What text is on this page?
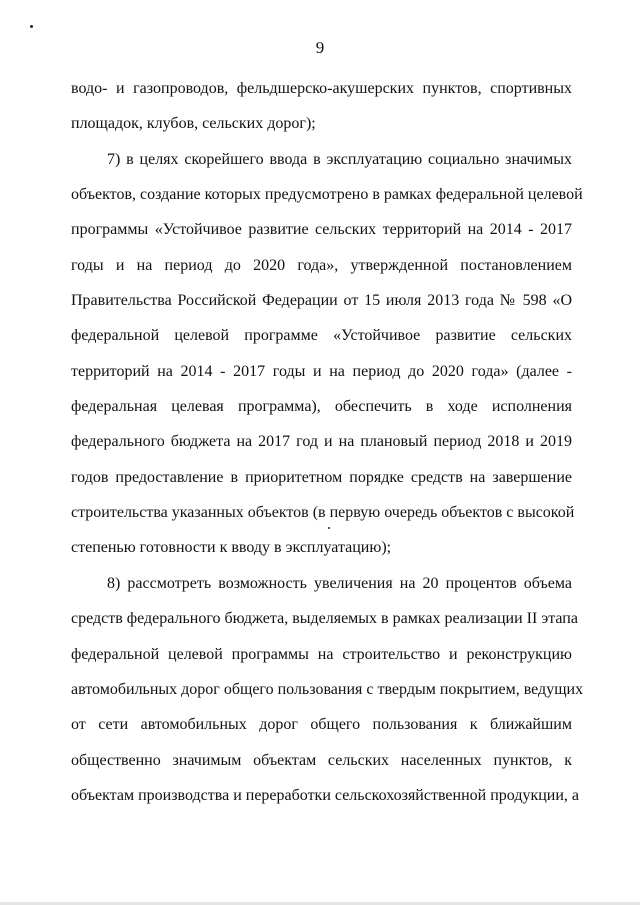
9
водо- и газопроводов, фельдшерско-акушерских пунктов, спортивных
площадок, клубов, сельских дорог);
7) в целях скорейшего ввода в эксплуатацию социально значимых
объектов, создание которых предусмотрено в рамках федеральной целевой
программы «Устойчивое развитие сельских территорий на 2014 - 2017
годы и на период до 2020 года», утвержденной постановлением
Правительства Российской Федерации от 15 июля 2013 года № 598 «О
федеральной целевой программе «Устойчивое развитие сельских
территорий на 2014 - 2017 годы и на период до 2020 года» (далее -
федеральная целевая программа), обеспечить в ходе исполнения
федерального бюджета на 2017 год и на плановый период 2018 и 2019
годов предоставление в приоритетном порядке средств на завершение
строительства указанных объектов (в первую очередь объектов с высокой
степенью готовности к вводу в эксплуатацию);
8) рассмотреть возможность увеличения на 20 процентов объема
средств федерального бюджета, выделяемых в рамках реализации II этапа
федеральной целевой программы на строительство и реконструкцию
автомобильных дорог общего пользования с твердым покрытием, ведущих
от сети автомобильных дорог общего пользования к ближайшим
общественно значимым объектам сельских населенных пунктов, к
объектам производства и переработки сельскохозяйственной продукции, а
